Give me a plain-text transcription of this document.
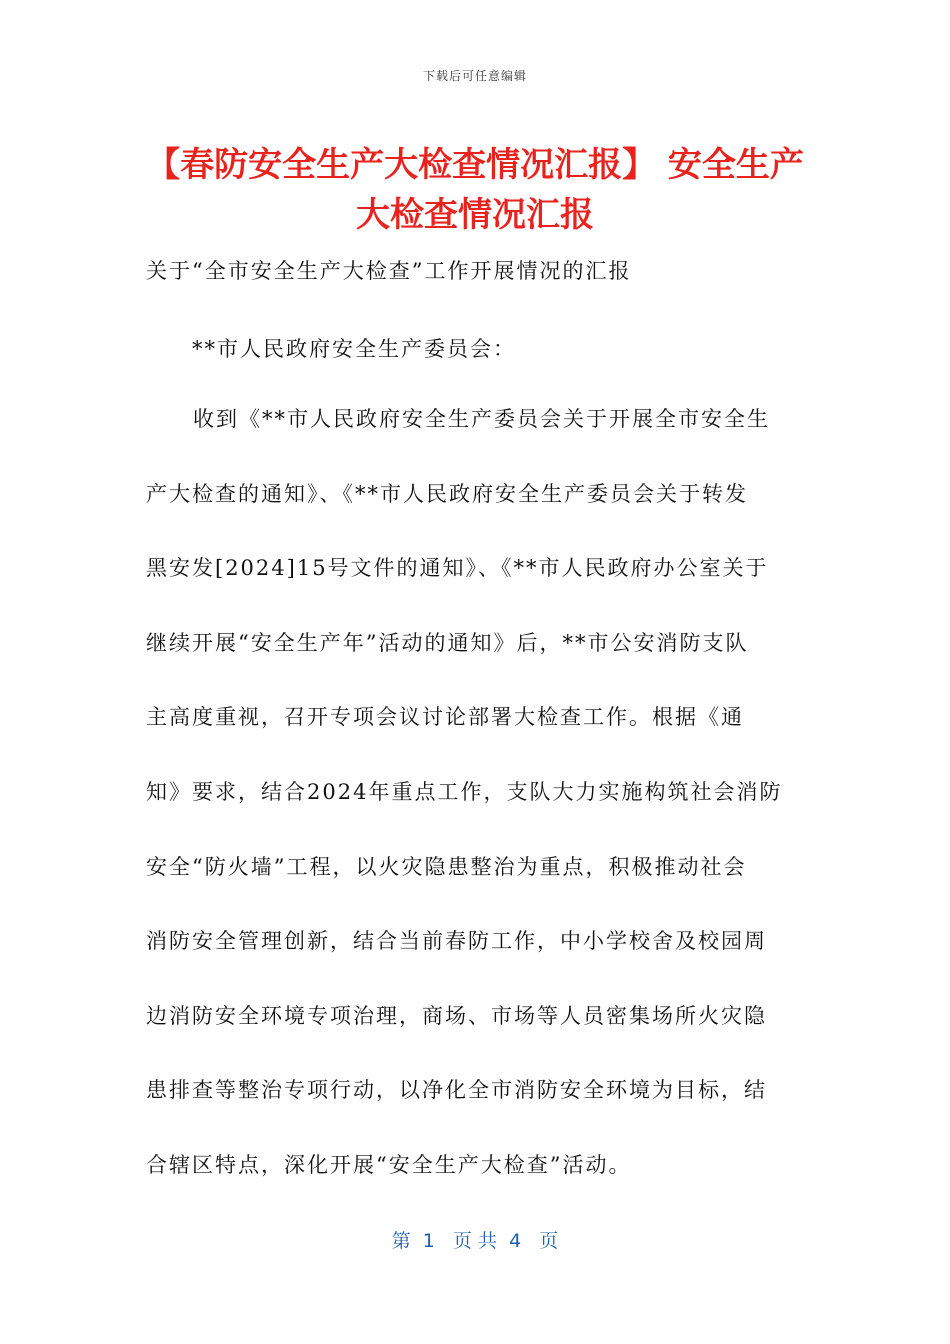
下载后可任意编辑
【春防安全生产大检查情况汇报】 安全生产
大检查情况汇报
关于“全市安全生产大检查”工作开展情况的汇报
**市人民政府安全生产委员会：
收到《**市人民政府安全生产委员会关于开展全市安全生
产大检查的通知》、《**市人民政府安全生产委员会关于转发
黑安发[2024]15号文件的通知》、《**市人民政府办公室关于
继续开展“安全生产年”活动的通知》后，**市公安消防支队
主高度重视，召开专项会议讨论部署大检查工作。根据《通
知》要求，结合2024年重点工作，支队大力实施构筑社会消防
安全“防火墙”工程，以火灾隐患整治为重点，积极推动社会
消防安全管理创新，结合当前春防工作，中小学校舍及校园周
边消防安全环境专项治理，商场、市场等人员密集场所火灾隐
患排查等整治专项行动，以净化全市消防安全环境为目标，结
合辖区特点，深化开展“安全生产大检查”活动。
第  1   页 共  4   页
